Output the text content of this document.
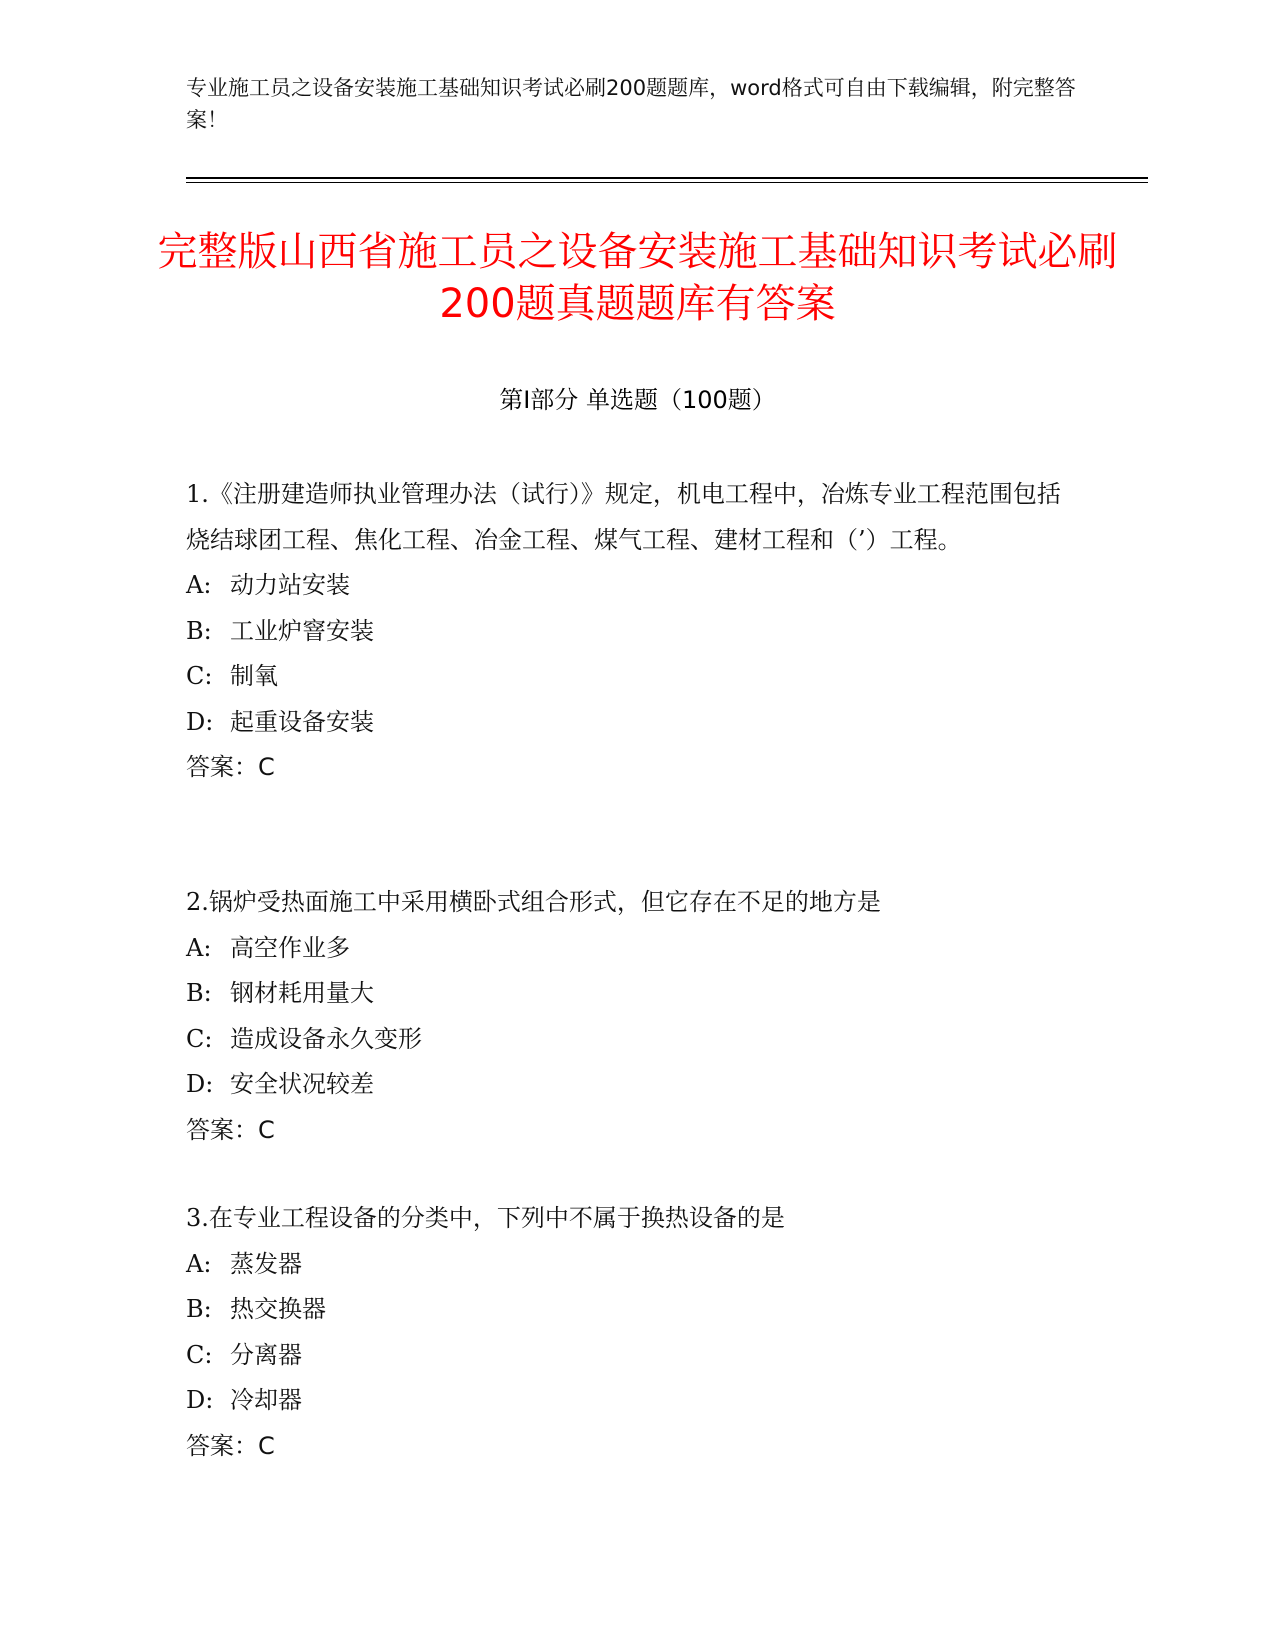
专业施工员之设备安装施工基础知识考试必刷200题题库，word格式可自由下载编辑，附完整答案！
完整版山西省施工员之设备安装施工基础知识考试必刷200题真题题库有答案
第Ⅰ部分 单选题（100题）
1.《注册建造师执业管理办法（试行）》规定，机电工程中，冶炼专业工程范围包括烧结球团工程、焦化工程、冶金工程、煤气工程、建材工程和（’）工程。
A: 动力站安装
B: 工业炉窨安装
C: 制氧
D: 起重设备安装
答案：C
2.锅炉受热面施工中采用横卧式组合形式，但它存在不足的地方是
A: 高空作业多
B: 钢材耗用量大
C: 造成设备永久变形
D: 安全状况较差
答案：C
3.在专业工程设备的分类中，下列中不属于换热设备的是
A: 蒸发器
B: 热交换器
C: 分离器
D: 冷却器
答案：C
